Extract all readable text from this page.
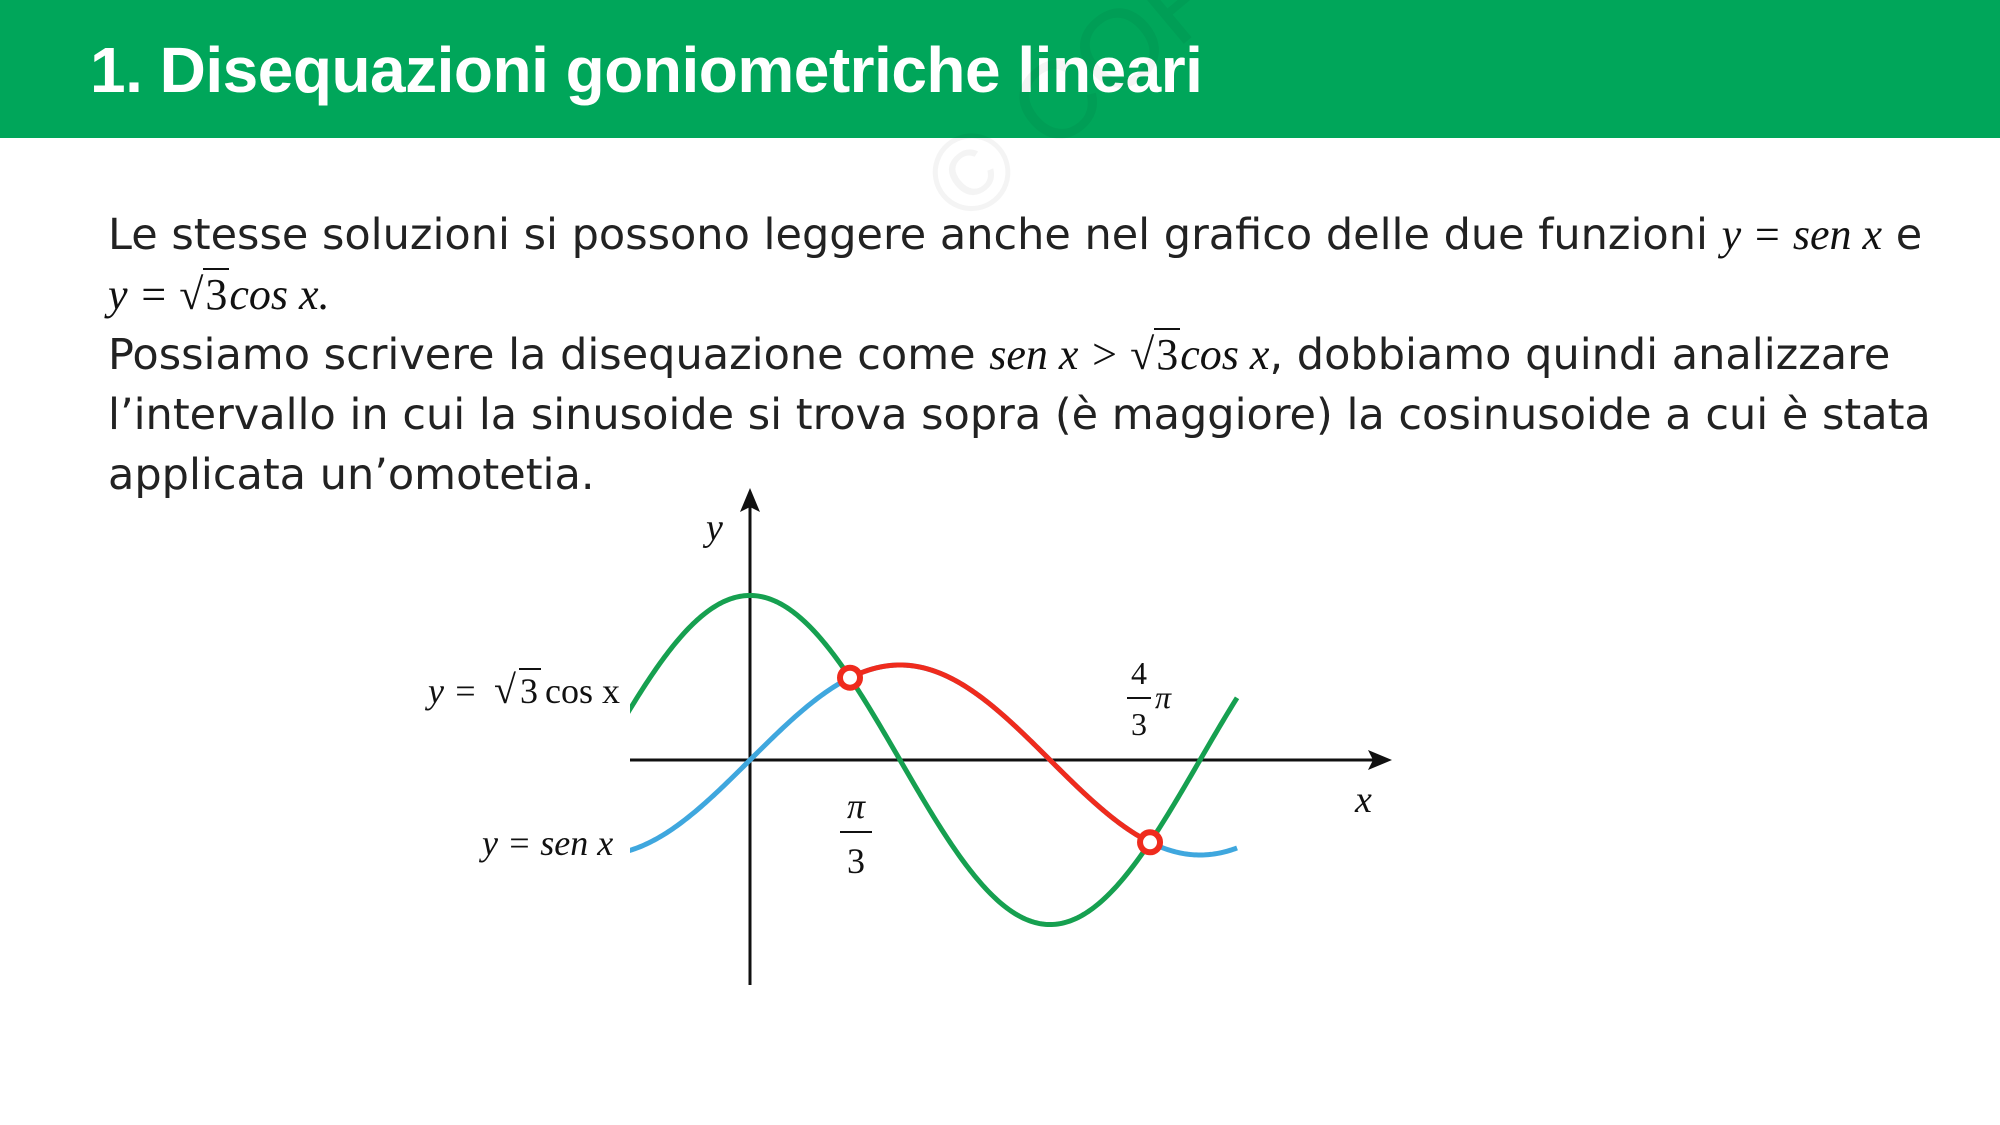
1. Disequazioni goniometriche lineari
Le stesse soluzioni si possono leggere anche nel grafico delle due funzioni y = sen x e
y = √3cos x.
Possiamo scrivere la disequazione come sen x > √3cos x, dobbiamo quindi analizzare
l’intervallo in cui la sinusoide si trova sopra (è maggiore) la cosinusoide a cui è stata
applicata un’omotetia.
y
x
y = √ 3 cos x
y = sen x
π
3
4
3
π
